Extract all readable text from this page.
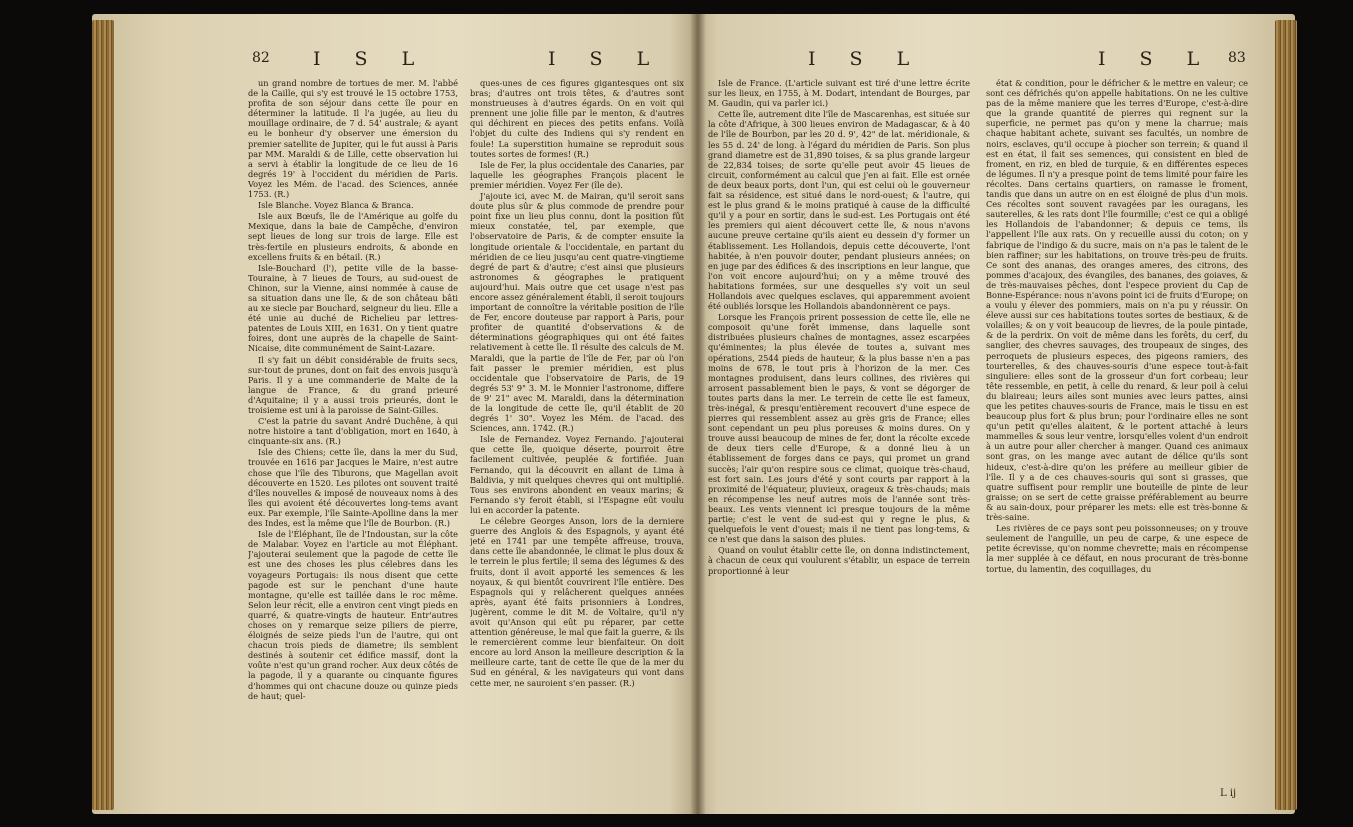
82 I S L	I S L

un grand nombre de tortues de mer. M. l'abbé de la Caille, qui s'y est trouvé le 15 octobre 1753, profita de son séjour dans cette île pour en déterminer la latitude. Il l'a jugée, au lieu du mouillage ordinaire, de 7 d. 54' australe; & ayant eu le bonheur d'y observer une émersion du premier satellite de Jupiter, qui le fut aussi à Paris par MM. Maraldi & de Lille, cette observation lui a servi à établir la longitude de ce lieu de 16 degrés 19' à l'occident du méridien de Paris. Voyez les Mém. de l'acad. des Sciences, année 1753. (R.)

Isle Blanche. Voyez Blanca & Branca.

Isle aux Bœufs, île de l'Amérique au golfe du Mexique, dans la baie de Campêche, d'environ sept lieues de long sur trois de large. Elle est très-fertile en plusieurs endroits, & abonde en excellens fruits & en bétail. (R.)

Isle-Bouchard (l'), petite ville de la basse-Touraine, à 7 lieues de Tours, au sud-ouest de Chinon, sur la Vienne, ainsi nommée à cause de sa situation dans une île, & de son château bâti au xe siecle par Bouchard, seigneur du lieu. Elle a été unie au duché de Richelieu par lettres-patentes de Louis XIII, en 1631. On y tient quatre foires, dont une auprès de la chapelle de Saint-Nicaise, dite communément de Saint-Lazare.

Il s'y fait un débit considérable de fruits secs, sur-tout de prunes, dont on fait des envois jusqu'à Paris. Il y a une commanderie de Malte de la langue de France, & du grand prieuré d'Aquitaine; il y a aussi trois prieurés, dont le troisieme est uni à la paroisse de Saint-Gilles.

C'est la patrie du savant André Duchêne, à qui notre histoire a tant d'obligation, mort en 1640, à cinquante-six ans. (R.)

Isle des Chiens; cette île, dans la mer du Sud, trouvée en 1616 par Jacques le Maire, n'est autre chose que l'île des Tiburons, que Magellan avoit découverte en 1520. Les pilotes ont souvent traité d'îles nouvelles & imposé de nouveaux noms à des îles qui avoient été découvertes long-tems avant eux. Par exemple, l'île Sainte-Apolline dans la mer des Indes, est la même que l'île de Bourbon. (R.)

Isle de l'Éléphant, île de l'Indoustan, sur la côte de Malabar. Voyez en l'article au mot Éléphant. J'ajouterai seulement que la pagode de cette île est une des choses les plus célebres dans les voyageurs Portugais: ils nous disent que cette pagode est sur le penchant d'une haute montagne, qu'elle est taillée dans le roc même. Selon leur récit, elle a environ cent vingt pieds en quarré, & quatre-vingts de hauteur. Entr'autres choses on y remarque seize piliers de pierre, éloignés de seize pieds l'un de l'autre, qui ont chacun trois pieds de diametre; ils semblent destinés à soutenir cet édifice massif, dont la voûte n'est qu'un grand rocher. Aux deux côtés de la pagode, il y a quarante ou cinquante figures d'hommes qui ont chacune douze ou quinze pieds de haut; quel-

ques-unes de ces figures gigantesques ont six bras; d'autres ont trois têtes, & d'autres sont monstrueuses à d'autres égards. On en voit qui prennent une jolie fille par le menton, & d'autres qui déchirent en pieces des petits enfans. Voilà l'objet du culte des Indiens qui s'y rendent en foule! La superstition humaine se reproduit sous toutes sortes de formes! (R.)

Isle de Fer, la plus occidentale des Canaries, par laquelle les géographes François placent le premier méridien. Voyez Fer (île de).

J'ajoute ici, avec M. de Mairan, qu'il seroit sans doute plus sûr & plus commode de prendre pour point fixe un lieu plus connu, dont la position fût mieux constatée, tel, par exemple, que l'observatoire de Paris, & de compter ensuite la longitude orientale & l'occidentale, en partant du méridien de ce lieu jusqu'au cent quatre-vingtieme degré de part & d'autre; c'est ainsi que plusieurs astronomes & géographes le pratiquent aujourd'hui. Mais outre que cet usage n'est pas encore assez généralement établi, il seroit toujours important de connoître la véritable position de l'île de Fer, encore douteuse par rapport à Paris, pour profiter de quantité d'observations & de déterminations géographiques qui ont été faites relativement à cette île. Il résulte des calculs de M. Maraldi, que la partie de l'île de Fer, par où l'on fait passer le premier méridien, est plus occidentale que l'observatoire de Paris, de 19 degrés 53' 9" 3. M. le Monnier l'astronome, differe de 9' 21" avec M. Maraldi, dans la détermination de la longitude de cette île, qu'il établit de 20 degrés 1' 30". Voyez les Mém. de l'acad. des Sciences, ann. 1742. (R.)

Isle de Fernandez. Voyez Fernando. J'ajouterai que cette île, quoique déserte, pourroit être facilement cultivée, peuplée & fortifiée. Juan Fernando, qui la découvrit en allant de Lima à Baldivia, y mit quelques chevres qui ont multiplié. Tous ses environs abondent en veaux marins; & Fernando s'y feroit établi, si l'Espagne eût voulu lui en accorder la patente.

Le célebre Georges Anson, lors de la derniere guerre des Anglois & des Espagnols, y ayant été jeté en 1741 par une tempête affreuse, trouva, dans cette île abandonnée, le climat le plus doux & le terrein le plus fertile; il sema des légumes & des fruits, dont il avoit apporté les semences & les noyaux, & qui bientôt couvrirent l'île entière. Des Espagnols qui y relâcherent quelques années après, ayant été faits prisonniers à Londres, jugèrent, comme le dit M. de Voltaire, qu'il n'y avoit qu'Anson qui eût pu réparer, par cette attention généreuse, le mal que fait la guerre, & ils le remercièrent comme leur bienfaiteur. On doit encore au lord Anson la meilleure description & la meilleure carte, tant de cette île que de la mer du Sud en général, & les navigateurs qui vont dans cette mer, ne sauroient s'en passer. (R.)

I S L	I S L 83

Isle de France. (L'article suivant est tiré d'une lettre écrite sur les lieux, en 1755, à M. Dodart, intendant de Bourges, par M. Gaudin, qui va parler ici.)

Cette île, autrement dite l'île de Mascarenhas, est située sur la côte d'Afrique, à 300 lieues environ de Madagascar, & à 40 de l'île de Bourbon, par les 20 d. 9', 42" de lat. méridionale, & les 55 d. 24' de long. à l'égard du méridien de Paris. Son plus grand diametre est de 31,890 toises, & sa plus grande largeur de 22,834 toises; de sorte qu'elle peut avoir 45 lieues de circuit, conformément au calcul que j'en ai fait. Elle est ornée de deux beaux ports, dont l'un, qui est celui où le gouverneur fait sa résidence, est situé dans le nord-ouest; & l'autre, qui est le plus grand & le moins pratiqué à cause de la difficulté qu'il y a pour en sortir, dans le sud-est. Les Portugais ont été les premiers qui aient découvert cette île, & nous n'avons aucune preuve certaine qu'ils aient eu dessein d'y former un établissement. Les Hollandois, depuis cette découverte, l'ont habitée, à n'en pouvoir douter, pendant plusieurs années; on en juge par des édifices & des inscriptions en leur langue, que l'on voit encore aujourd'hui; on y a même trouvé des habitations formées, sur une desquelles s'y voit un seul Hollandois avec quelques esclaves, qui apparemment avoient été oubliés lorsque les Hollandois abandonnèrent ce pays.

Lorsque les François prirent possession de cette île, elle ne composoit qu'une forêt immense, dans laquelle sont distribuées plusieurs chaînes de montagnes, assez escarpées qu'éminentes; la plus élevée de toutes a, suivant mes opérations, 2544 pieds de hauteur, & la plus basse n'en a pas moins de 678, le tout pris à l'horizon de la mer. Ces montagnes produisent, dans leurs collines, des rivières qui arrosent passablement bien le pays, & vont se dégorger de toutes parts dans la mer. Le terrein de cette île est fameux, très-inégal, & presqu'entièrement recouvert d'une espece de pierres qui ressemblent assez au grès gris de France; elles sont cependant un peu plus poreuses & moins dures. On y trouve aussi beaucoup de mines de fer, dont la récolte excede de deux tiers celle d'Europe, & a donné lieu à un établissement de forges dans ce pays, qui promet un grand succès; l'air qu'on respire sous ce climat, quoique très-chaud, est fort sain. Les jours d'été y sont courts par rapport à la proximité de l'équateur, pluvieux, orageux & très-chauds; mais en récompense les neuf autres mois de l'année sont très-beaux. Les vents viennent ici presque toujours de la même partie; c'est le vent de sud-est qui y regne le plus, & quelquefois le vent d'ouest; mais il ne tient pas long-tems, & ce n'est que dans la saison des pluies.

Quand on voulut établir cette île, on donna indistinctement, à chacun de ceux qui voulurent s'établir, un espace de terrein proportionné à leur

état & condition, pour le défricher & le mettre en valeur; ce sont ces défrichés qu'on appelle habitations. On ne les cultive pas de la même maniere que les terres d'Europe, c'est-à-dire que la grande quantité de pierres qui regnent sur la superficie, ne permet pas qu'on y mene la charrue; mais chaque habitant achete, suivant ses facultés, un nombre de noirs, esclaves, qu'il occupe à piocher son terrein; & quand il est en état, il fait ses semences, qui consistent en bled de froment, en riz, en bled de turquie, & en différentes especes de légumes. Il n'y a presque point de tems limité pour faire les récoltes. Dans certains quartiers, on ramasse le froment, tandis que dans un autre on en est éloigné de plus d'un mois. Ces récoltes sont souvent ravagées par les ouragans, les sauterelles, & les rats dont l'île fourmille; c'est ce qui a obligé les Hollandois de l'abandonner; & depuis ce tems, ils l'appellent l'île aux rats. On y recueille aussi du coton; on y fabrique de l'indigo & du sucre, mais on n'a pas le talent de le bien raffiner; sur les habitations, on trouve très-peu de fruits. Ce sont des ananas, des oranges ameres, des citrons, des pommes d'acajoux, des évangiles, des bananes, des goiaves, & de très-mauvaises pêches, dont l'espece provient du Cap de Bonne-Espérance: nous n'avons point ici de fruits d'Europe; on a voulu y élever des pommiers, mais on n'a pu y réussir. On éleve aussi sur ces habitations toutes sortes de bestiaux, & de volailles; & on y voit beaucoup de lievres, de la poule pintade, & de la perdrix. On voit de même dans les forêts, du cerf, du sanglier, des chevres sauvages, des troupeaux de singes, des perroquets de plusieurs especes, des pigeons ramiers, des tourterelles, & des chauves-souris d'une espece tout-à-fait singuliere: elles sont de la grosseur d'un fort corbeau; leur tête ressemble, en petit, à celle du renard, & leur poil à celui du blaireau; leurs ailes sont munies avec leurs pattes, ainsi que les petites chauves-souris de France, mais le tissu en est beaucoup plus fort & plus brun; pour l'ordinaire elles ne sont qu'un petit qu'elles alaitent, & le portent attaché à leurs mammelles & sous leur ventre, lorsqu'elles volent d'un endroit à un autre pour aller chercher à manger. Quand ces animaux sont gras, on les mange avec autant de délice qu'ils sont hideux, c'est-à-dire qu'on les préfere au meilleur gibier de l'île. Il y a de ces chauves-souris qui sont si grasses, que quatre suffisent pour remplir une bouteille de pinte de leur graisse; on se sert de cette graisse préférablement au beurre & au sain-doux, pour préparer les mets: elle est très-bonne & très-saine.

Les rivières de ce pays sont peu poissonneuses; on y trouve seulement de l'anguille, un peu de carpe, & une espece de petite écrevisse, qu'on nomme chevrette; mais en récompense la mer supplée à ce défaut, en nous procurant de très-bonne tortue, du lamentin, des coquillages, du

L ij
